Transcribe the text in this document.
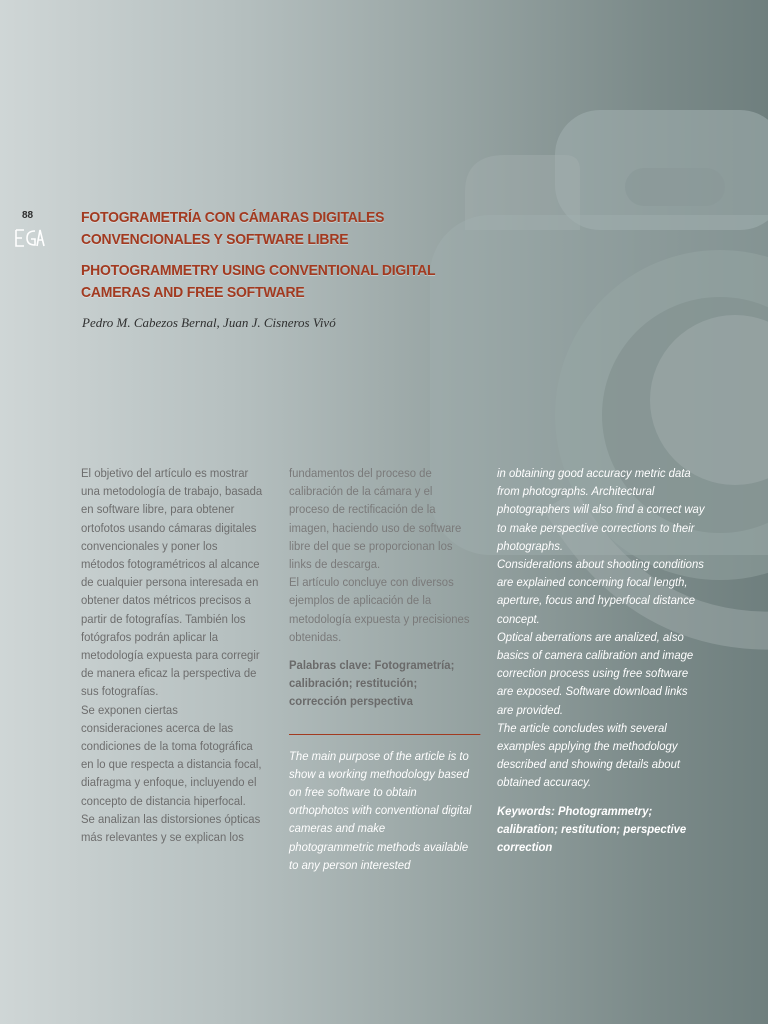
88	FOTOGRAMETRÍA CON CÁMARAS DIGITALES CONVENCIONALES Y SOFTWARE LIBRE
PHOTOGRAMMETRY USING CONVENTIONAL DIGITAL CAMERAS AND FREE SOFTWARE
Pedro M. Cabezos Bernal, Juan J. Cisneros Vivó

El objetivo del artículo es mostrar una metodología de trabajo, basada en software libre, para obtener ortofotos usando cámaras digitales convencionales y poner los métodos fotogramétricos al alcance de cualquier persona interesada en obtener datos métricos precisos a partir de fotografías. También los fotógrafos podrán aplicar la metodología expuesta para corregir de manera eficaz la perspectiva de sus fotografías.

Se exponen ciertas consideraciones acerca de las condiciones de la toma fotográfica en lo que respecta a distancia focal, diafragma y enfoque, incluyendo el concepto de distancia hiperfocal.

Se analizan las distorsiones ópticas más relevantes y se explican los

fundamentos del proceso de calibración de la cámara y el proceso de rectificación de la imagen, haciendo uso de software libre del que se proporcionan los links de descarga.

El artículo concluye con diversos ejemplos de aplicación de la metodología expuesta y precisiones obtenidas.

Palabras clave: Fotogrametría; calibración; restitución; corrección perspectiva

The main purpose of the article is to show a working methodology based on free software to obtain orthophotos with conventional digital cameras and make photogrammetric methods available to any person interested

in obtaining good accuracy metric data from photographs. Architectural photographers will also find a correct way to make perspective corrections to their photographs.

Considerations about shooting conditions are explained concerning focal length, aperture, focus and hyperfocal distance concept.

Optical aberrations are analized, also basics of camera calibration and image correction process using free software are exposed. Software download links are provided.

The article concludes with several examples applying the methodology described and showing details about obtained accuracy.

Keywords: Photogrammetry; calibration; restitution; perspective correction
